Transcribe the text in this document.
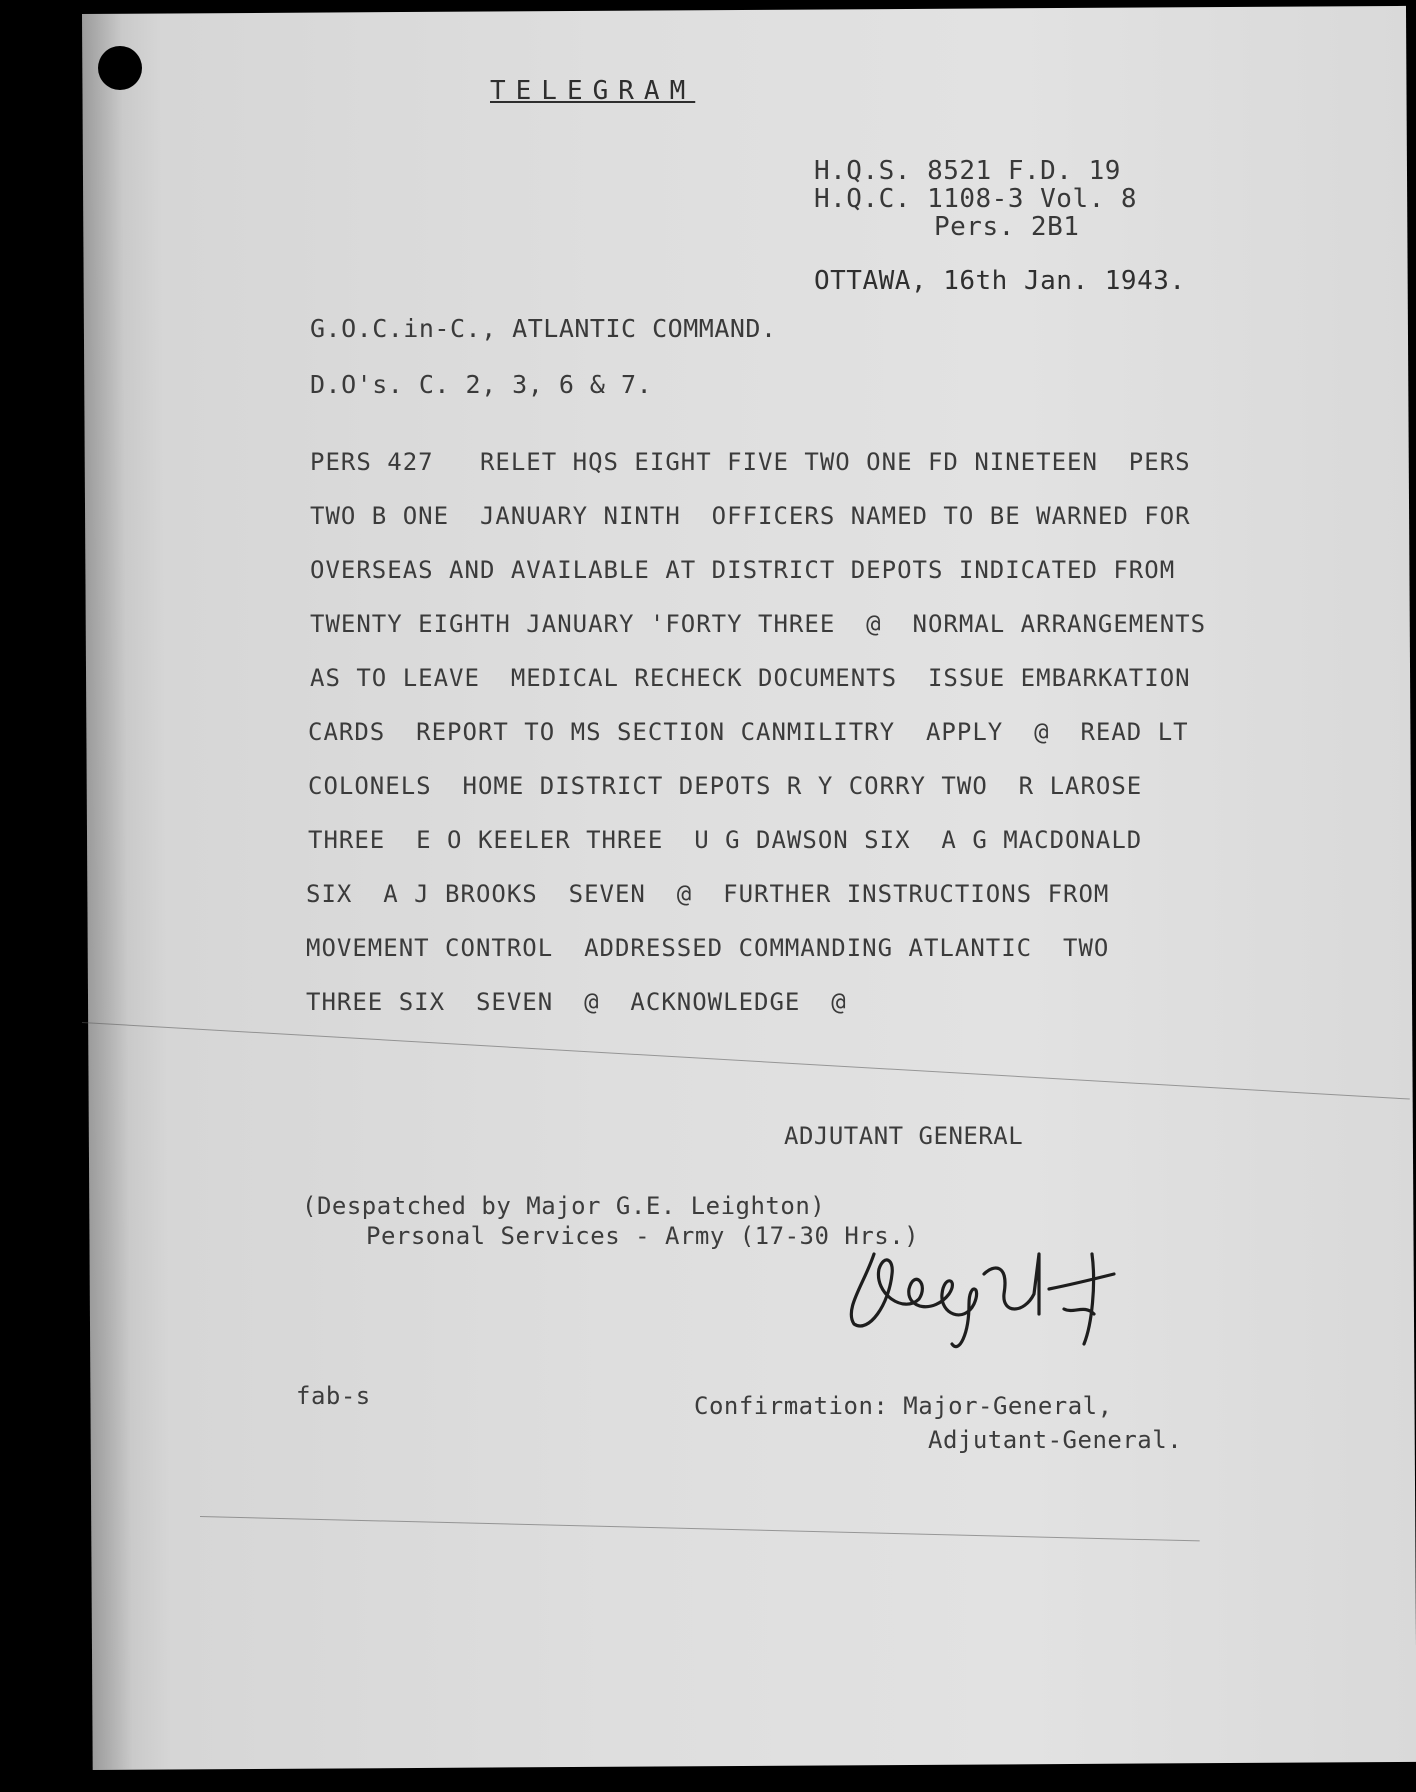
TELEGRAM
H.Q.S. 8521 F.D. 19
H.Q.C. 1108-3 Vol. 8
Pers. 2B1
OTTAWA, 16th Jan. 1943.
G.O.C.in-C., ATLANTIC COMMAND.
D.O's. C. 2, 3, 6 & 7.
PERS 427   RELET HQS EIGHT FIVE TWO ONE FD NINETEEN  PERS
TWO B ONE  JANUARY NINTH  OFFICERS NAMED TO BE WARNED FOR
OVERSEAS AND AVAILABLE AT DISTRICT DEPOTS INDICATED FROM
TWENTY EIGHTH JANUARY 'FORTY THREE  @  NORMAL ARRANGEMENTS
AS TO LEAVE  MEDICAL RECHECK DOCUMENTS  ISSUE EMBARKATION
CARDS  REPORT TO MS SECTION CANMILITRY  APPLY  @  READ LT
COLONELS  HOME DISTRICT DEPOTS R Y CORRY TWO  R LAROSE
THREE  E O KEELER THREE  U G DAWSON SIX  A G MACDONALD
SIX  A J BROOKS  SEVEN  @  FURTHER INSTRUCTIONS FROM
MOVEMENT CONTROL  ADDRESSED COMMANDING ATLANTIC  TWO
THREE SIX  SEVEN  @  ACKNOWLEDGE  @
ADJUTANT GENERAL
(Despatched by Major G.E. Leighton)
Personal Services - Army (17-30 Hrs.)
fab-s	Confirmation: Major-General,
Adjutant-General.
